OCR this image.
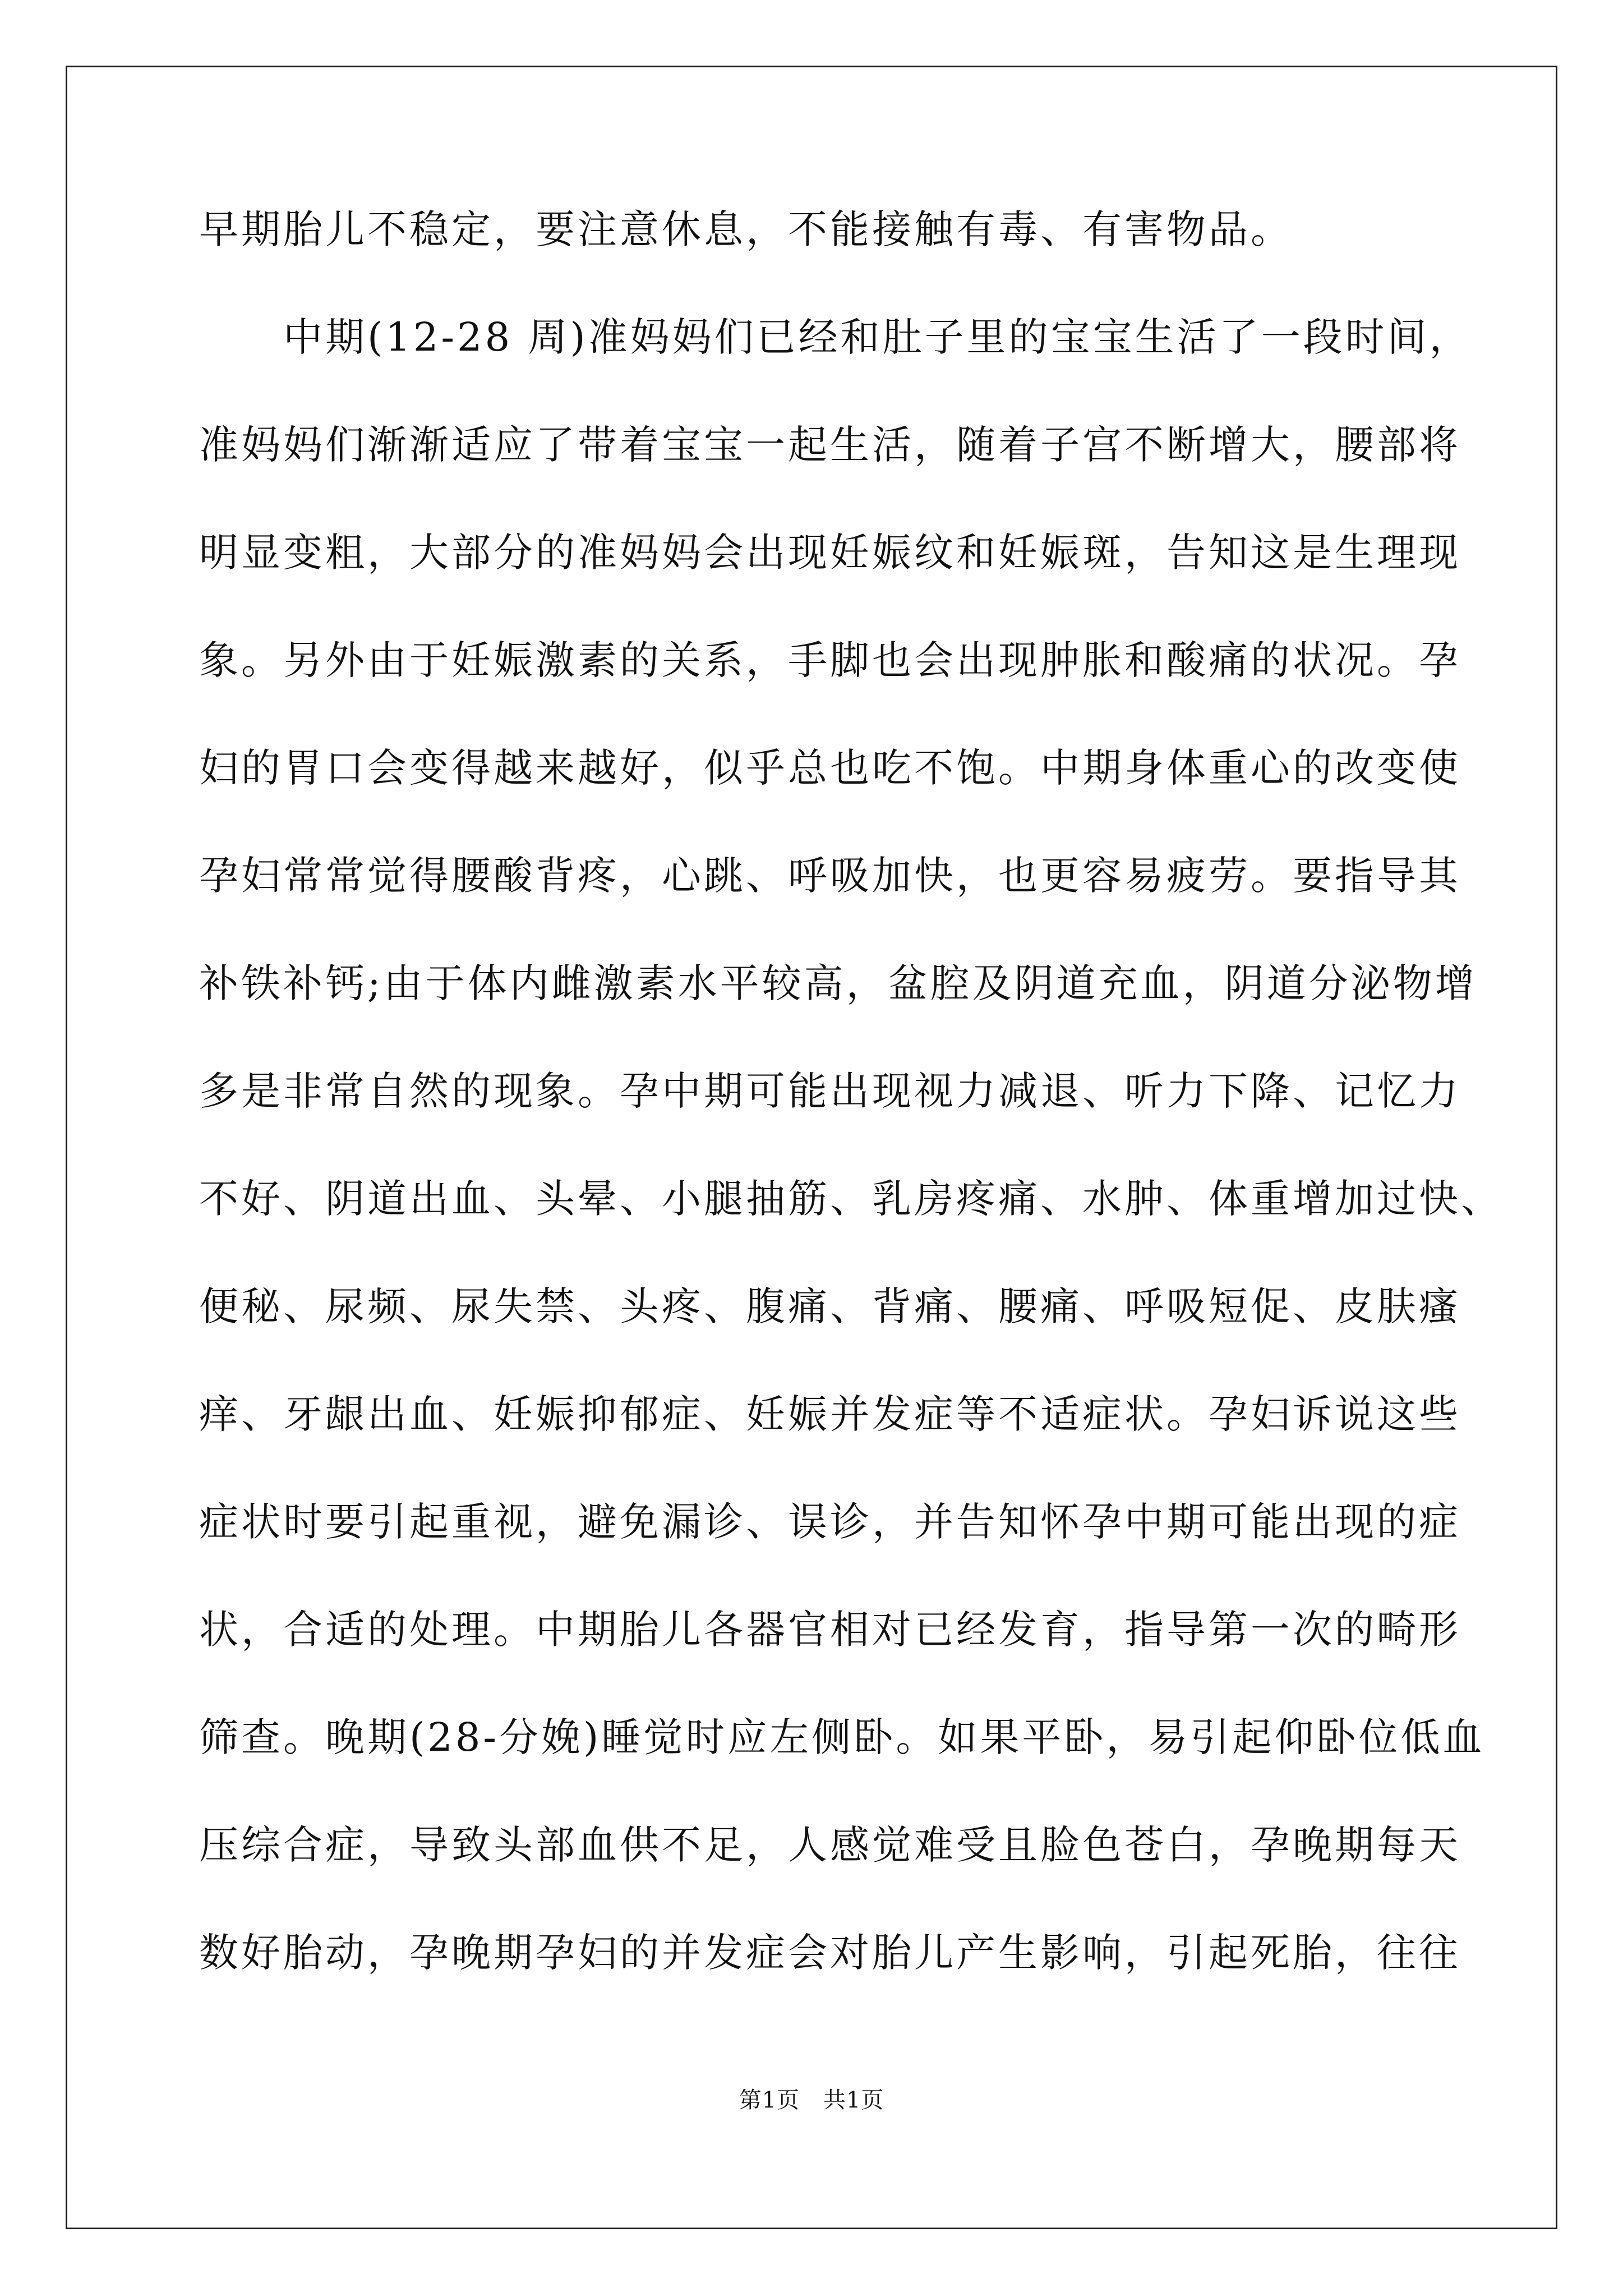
早期胎儿不稳定，要注意休息，不能接触有毒、有害物品。
　　中期(12-28 周)准妈妈们已经和肚子里的宝宝生活了一段时间，
准妈妈们渐渐适应了带着宝宝一起生活，随着子宫不断增大，腰部将
明显变粗，大部分的准妈妈会出现妊娠纹和妊娠斑，告知这是生理现
象。另外由于妊娠激素的关系，手脚也会出现肿胀和酸痛的状况。孕
妇的胃口会变得越来越好，似乎总也吃不饱。中期身体重心的改变使
孕妇常常觉得腰酸背疼，心跳、呼吸加快，也更容易疲劳。要指导其
补铁补钙;由于体内雌激素水平较高，盆腔及阴道充血，阴道分泌物增
多是非常自然的现象。孕中期可能出现视力减退、听力下降、记忆力
不好、阴道出血、头晕、小腿抽筋、乳房疼痛、水肿、体重增加过快、
便秘、尿频、尿失禁、头疼、腹痛、背痛、腰痛、呼吸短促、皮肤瘙
痒、牙龈出血、妊娠抑郁症、妊娠并发症等不适症状。孕妇诉说这些
症状时要引起重视，避免漏诊、误诊，并告知怀孕中期可能出现的症
状，合适的处理。中期胎儿各器官相对已经发育，指导第一次的畸形
筛查。晚期(28-分娩)睡觉时应左侧卧。如果平卧，易引起仰卧位低血
压综合症，导致头部血供不足，人感觉难受且脸色苍白，孕晚期每天
数好胎动，孕晚期孕妇的并发症会对胎儿产生影响，引起死胎，往往
第1页 共1页
